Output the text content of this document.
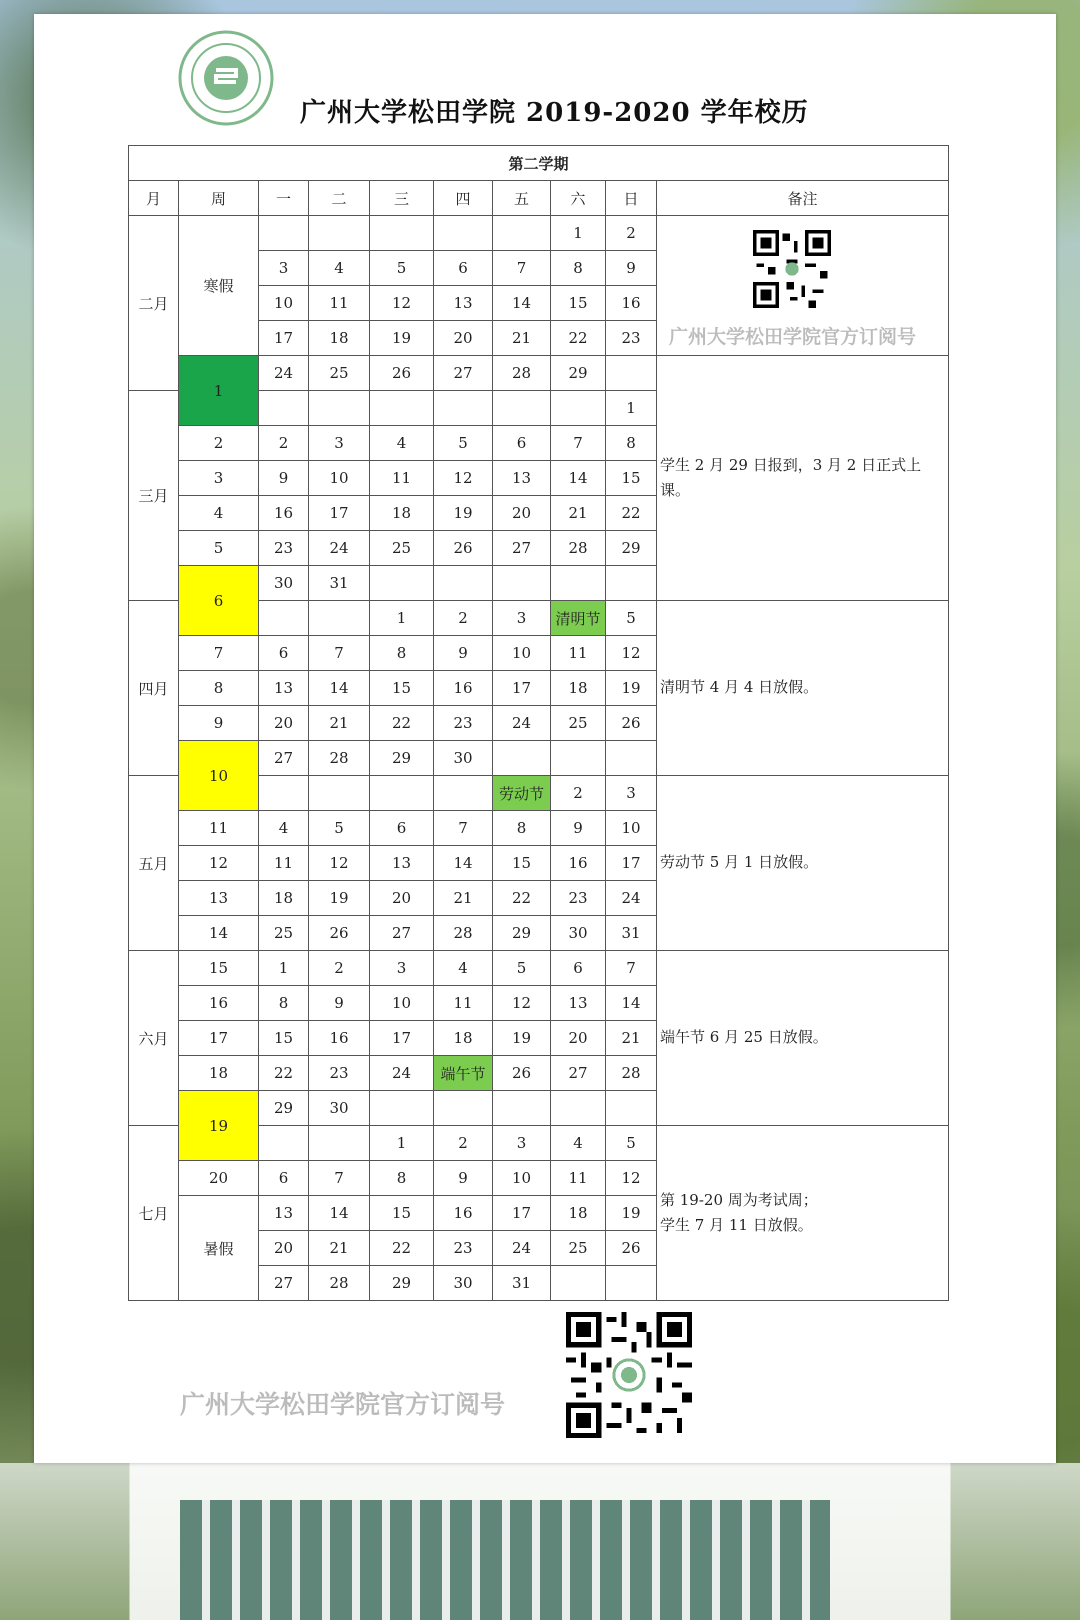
广州大学松田学院 2019-2020 学年校历
第二学期									
月	周	一	二	三	四	五	六	日	备注
二月	寒假						1	2	广州大学松田学院官方订阅号

		3	4	5	6	7	8	9	
		10	11	12	13	14	15	16	
		17	18	19	20	21	22	23	
	1	24	25	26	27	28	29		学生 2 月 29 日报到，3 月 2 日正式上课。
三月								1	
	2	2	3	4	5	6	7	8	
	3	9	10	11	12	13	14	15	
	4	16	17	18	19	20	21	22	
	5	23	24	25	26	27	28	29	
	6	30	31						
四月				1	2	3	清明节	5	清明节 4 月 4 日放假。
	7	6	7	8	9	10	11	12	
	8	13	14	15	16	17	18	19	
	9	20	21	22	23	24	25	26	
	10	27	28	29	30				
五月						劳动节	2	3	劳动节 5 月 1 日放假。
	11	4	5	6	7	8	9	10	
	12	11	12	13	14	15	16	17	
	13	18	19	20	21	22	23	24	
	14	25	26	27	28	29	30	31	
六月	15	1	2	3	4	5	6	7	端午节 6 月 25 日放假。
	16	8	9	10	11	12	13	14	
	17	15	16	17	18	19	20	21	
	18	22	23	24	端午节	26	27	28	
	19	29	30						
七月				1	2	3	4	5	第 19-20 周为考试周；
学生 7 月 11 日放假。

	20	6	7	8	9	10	11	12	
	暑假	13	14	15	16	17	18	19	
		20	21	22	23	24	25	26	
		27	28	29	30	31			
广州大学松田学院官方订阅号
